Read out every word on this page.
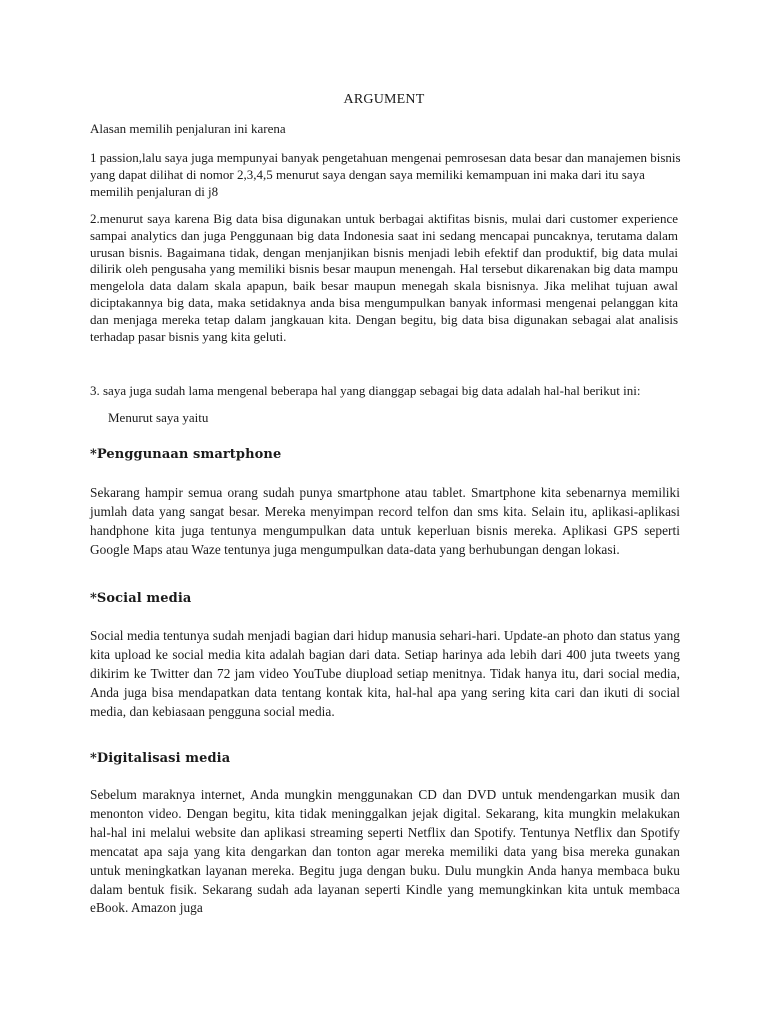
ARGUMENT
Alasan memilih penjaluran ini karena
1 passion,lalu saya juga mempunyai banyak pengetahuan mengenai pemrosesan data besar dan manajemen bisnis yang dapat dilihat di nomor 2,3,4,5 menurut saya dengan saya memiliki kemampuan ini maka dari itu saya memilih penjaluran di j8
2.menurut saya karena Big data bisa digunakan untuk berbagai aktifitas bisnis, mulai dari customer experience sampai analytics dan juga Penggunaan big data Indonesia saat ini sedang mencapai puncaknya, terutama dalam urusan bisnis. Bagaimana tidak, dengan menjanjikan bisnis menjadi lebih efektif dan produktif, big data mulai dilirik oleh pengusaha yang memiliki bisnis besar maupun menengah. Hal tersebut dikarenakan big data mampu mengelola data dalam skala apapun, baik besar maupun menegah skala bisnisnya. Jika melihat tujuan awal diciptakannya big data, maka setidaknya anda bisa mengumpulkan banyak informasi mengenai pelanggan kita dan menjaga mereka tetap dalam jangkauan kita. Dengan begitu, big data bisa digunakan sebagai alat analisis terhadap pasar bisnis yang kita geluti.
3. saya juga sudah lama mengenal beberapa hal yang dianggap sebagai big data adalah hal-hal berikut ini:
Menurut saya yaitu
*Penggunaan smartphone
Sekarang hampir semua orang sudah punya smartphone atau tablet. Smartphone kita sebenarnya memiliki jumlah data yang sangat besar. Mereka menyimpan record telfon dan sms kita. Selain itu, aplikasi-aplikasi handphone kita juga tentunya mengumpulkan data untuk keperluan bisnis mereka. Aplikasi GPS seperti Google Maps atau Waze tentunya juga mengumpulkan data-data yang berhubungan dengan lokasi.
*Social media
Social media tentunya sudah menjadi bagian dari hidup manusia sehari-hari. Update-an photo dan status yang kita upload ke social media kita adalah bagian dari data. Setiap harinya ada lebih dari 400 juta tweets yang dikirim ke Twitter dan 72 jam video YouTube diupload setiap menitnya. Tidak hanya itu, dari social media, Anda juga bisa mendapatkan data tentang kontak kita, hal-hal apa yang sering kita cari dan ikuti di social media, dan kebiasaan pengguna social media.
*Digitalisasi media
Sebelum maraknya internet, Anda mungkin menggunakan CD dan DVD untuk mendengarkan musik dan menonton video. Dengan begitu, kita tidak meninggalkan jejak digital. Sekarang, kita mungkin melakukan hal-hal ini melalui website dan aplikasi streaming seperti Netflix dan Spotify. Tentunya Netflix dan Spotify mencatat apa saja yang kita dengarkan dan tonton agar mereka memiliki data yang bisa mereka gunakan untuk meningkatkan layanan mereka. Begitu juga dengan buku. Dulu mungkin Anda hanya membaca buku dalam bentuk fisik. Sekarang sudah ada layanan seperti Kindle yang memungkinkan kita untuk membaca eBook. Amazon juga
